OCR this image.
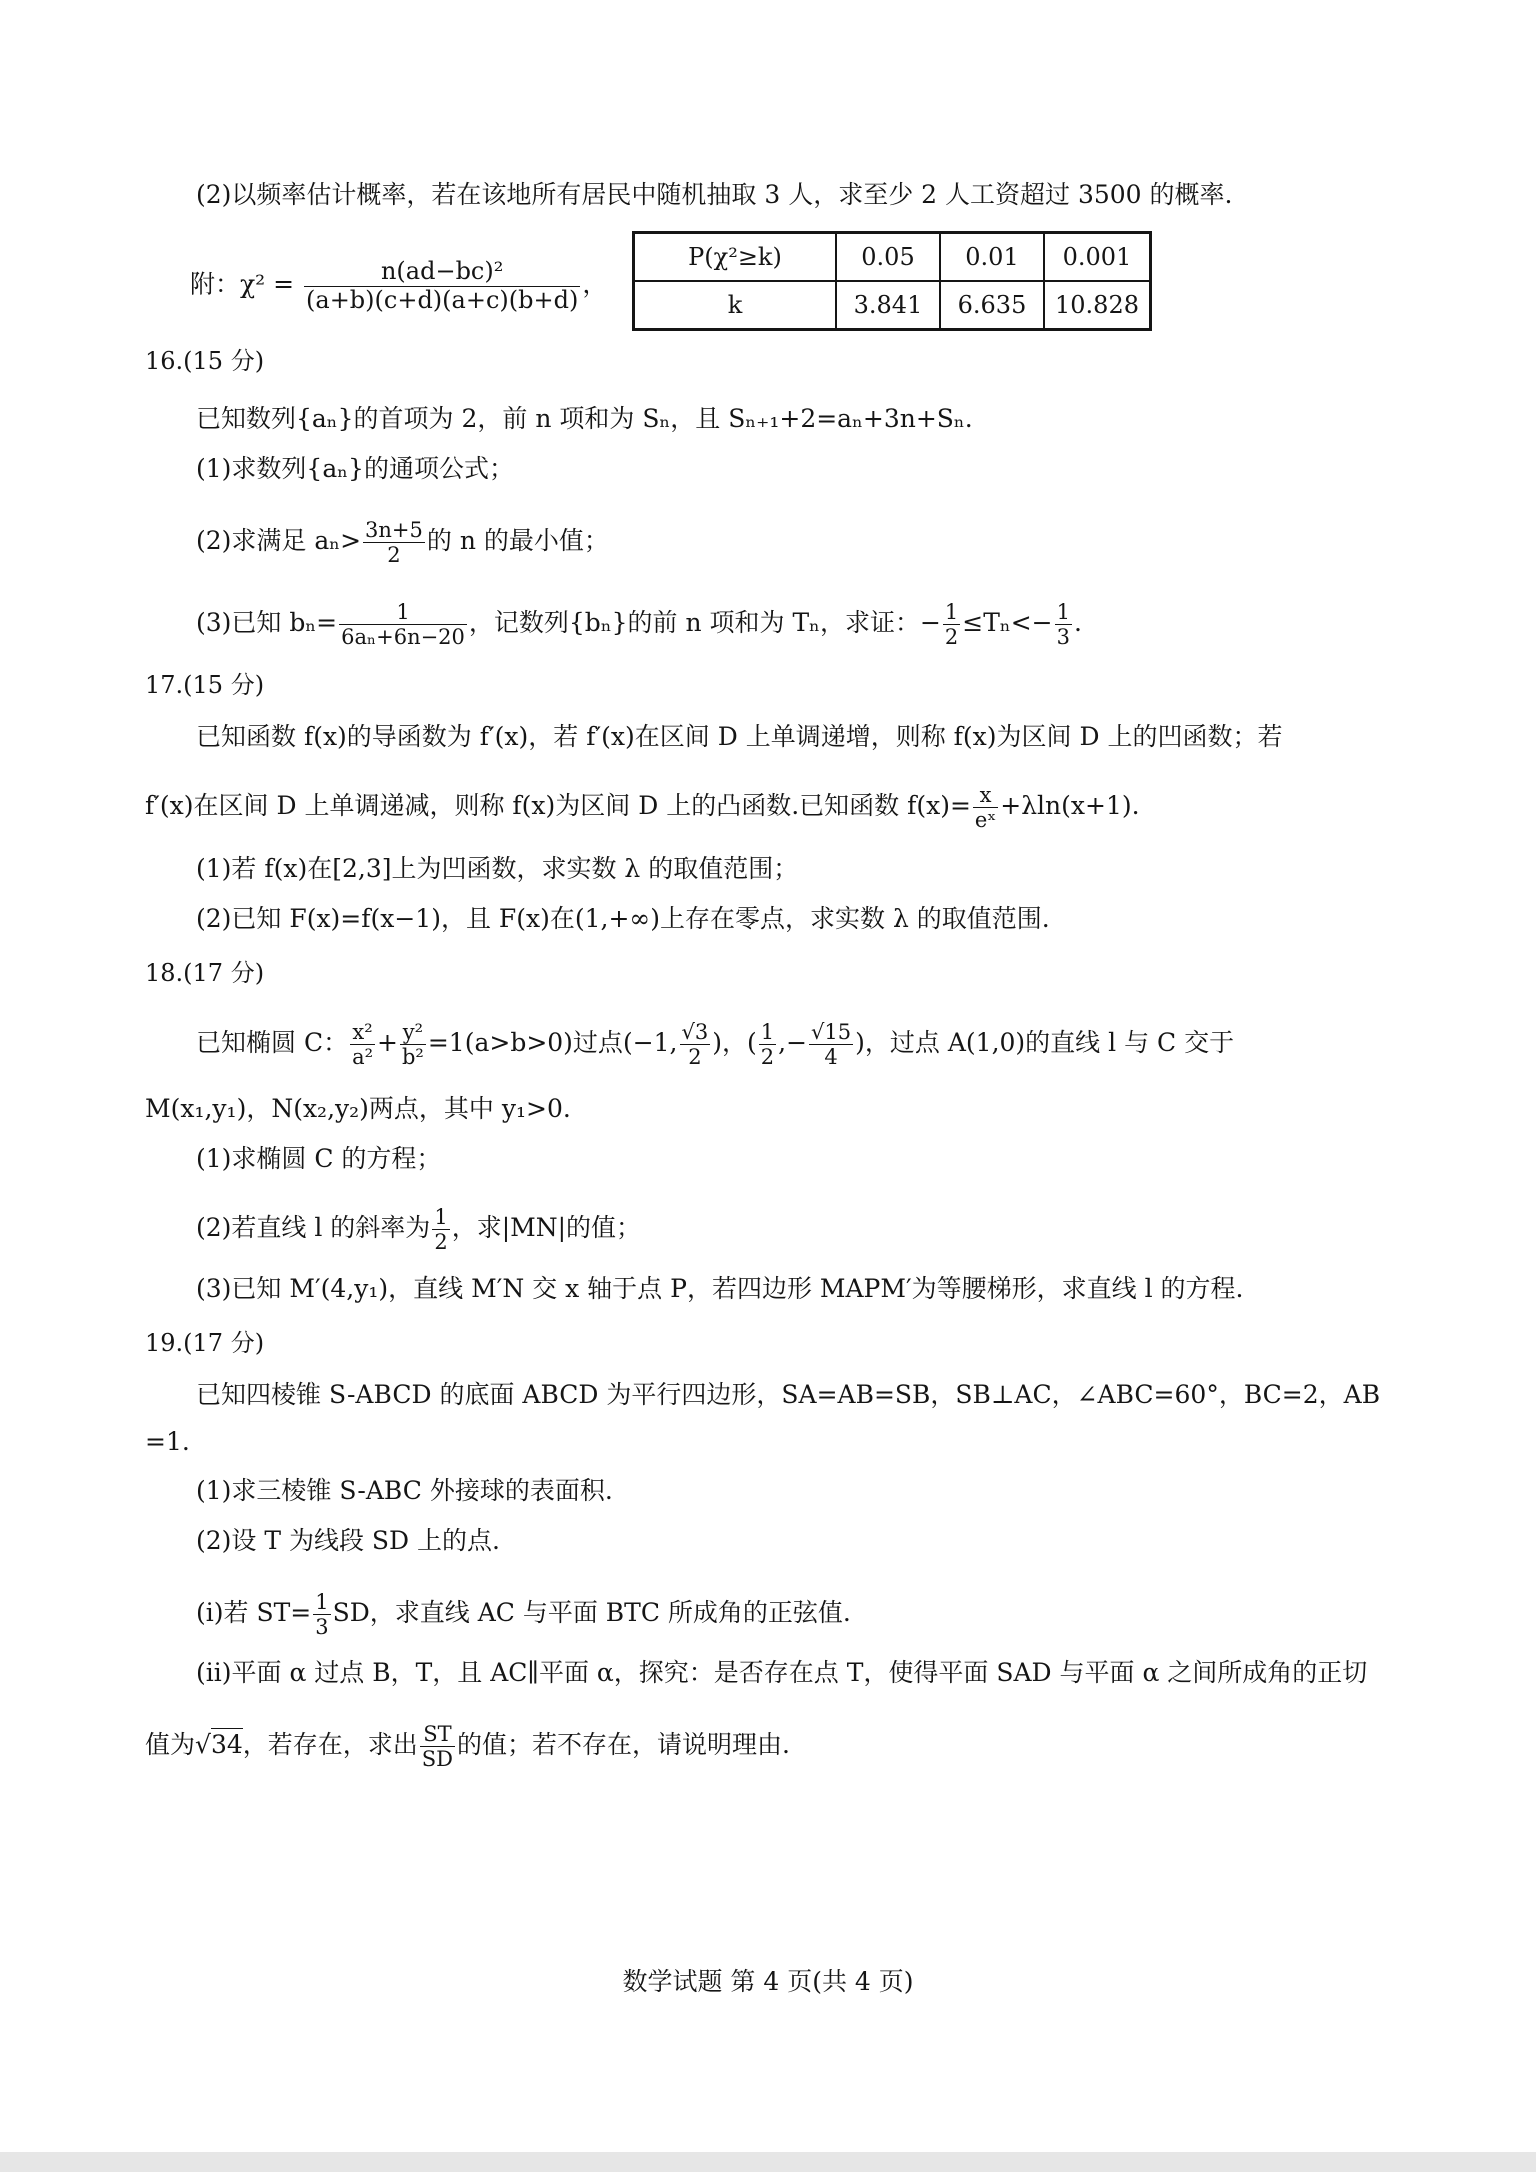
(2)以频率估计概率，若在该地所有居民中随机抽取 3 人，求至少 2 人工资超过 3500 的概率.
附：$\chi^2 = \frac{\text{n(ad−bc)²}}{(a+b)(c+d)(a+c)(b+d)}$ ，
P(χ²≥k)	0.05	0.01	0.001
k	3.841	6.635	10.828
16.(15 分)
已知数列{aₙ}的首项为 2，前 n 项和为 Sₙ，且 Sₙ₊₁+2=aₙ+3n+Sₙ.
(1)求数列{aₙ}的通项公式；
(2)求满足 $a_n> \frac{3n+5}{2}$ 的 n 的最小值；
(3)已知 $b_n= \frac{1}{\text{6aₙ+6n−20}}$ ，记数列{bₙ}的前 n 项和为 Tₙ，求证：− $\frac{1}{2} \le T_n<- \frac{1}{3}$ .
17.(15 分)
已知函数 f(x)的导函数为 f′(x)，若 f′(x)在区间 D 上单调递增，则称 f(x)为区间 D 上的凹函数；若
f′(x)在区间 D 上单调递减，则称 f(x)为区间 D 上的凸函数.已知函数 $f(x)= \frac{x}{\text{eˣ}} +\lambda\ln(x+1)$.
(1)若 f(x)在[2,3]上为凹函数，求实数 λ 的取值范围；
(2)已知 F(x)=f(x−1)，且 F(x)在(1,+∞)上存在零点，求实数 λ 的取值范围.
18.(17 分)
已知椭圆 C： $\frac{\text{x²}}{\text{a²}} + \frac{\text{y²}}{\text{b²}} =1(a>b>0)$过点(−1, $\frac{√3}{2}$ )，( $\frac{1}{2}$ ,− $\frac{√15}{4}$ )，过点 A(1,0)的直线 l 与 C 交于
M(x₁,y₁)，N(x₂,y₂)两点，其中 y₁>0.
(1)求椭圆 C 的方程；
(2)若直线 l 的斜率为 $\frac{1}{2}$ ，求|MN|的值；
(3)已知 M′(4,y₁)，直线 M′N 交 x 轴于点 P，若四边形 MAPM′为等腰梯形，求直线 l 的方程.
19.(17 分)
已知四棱锥 S-ABCD 的底面 ABCD 为平行四边形，SA=AB=SB，SB⊥AC，∠ABC=60°，BC=2，AB
=1.
(1)求三棱锥 S-ABC 外接球的表面积.
(2)设 T 为线段 SD 上的点.
(ⅰ)若 $ST= \frac{1}{3}$ SD，求直线 AC 与平面 BTC 所成角的正弦值.
(ⅱ)平面 α 过点 B，T，且 AC∥平面 α，探究：是否存在点 T，使得平面 SAD 与平面 α 之间所成角的正切
值为√34，若存在，求出 $\frac{ST}{SD}$ 的值；若不存在，请说明理由.
数学试题 第 4 页(共 4 页)
